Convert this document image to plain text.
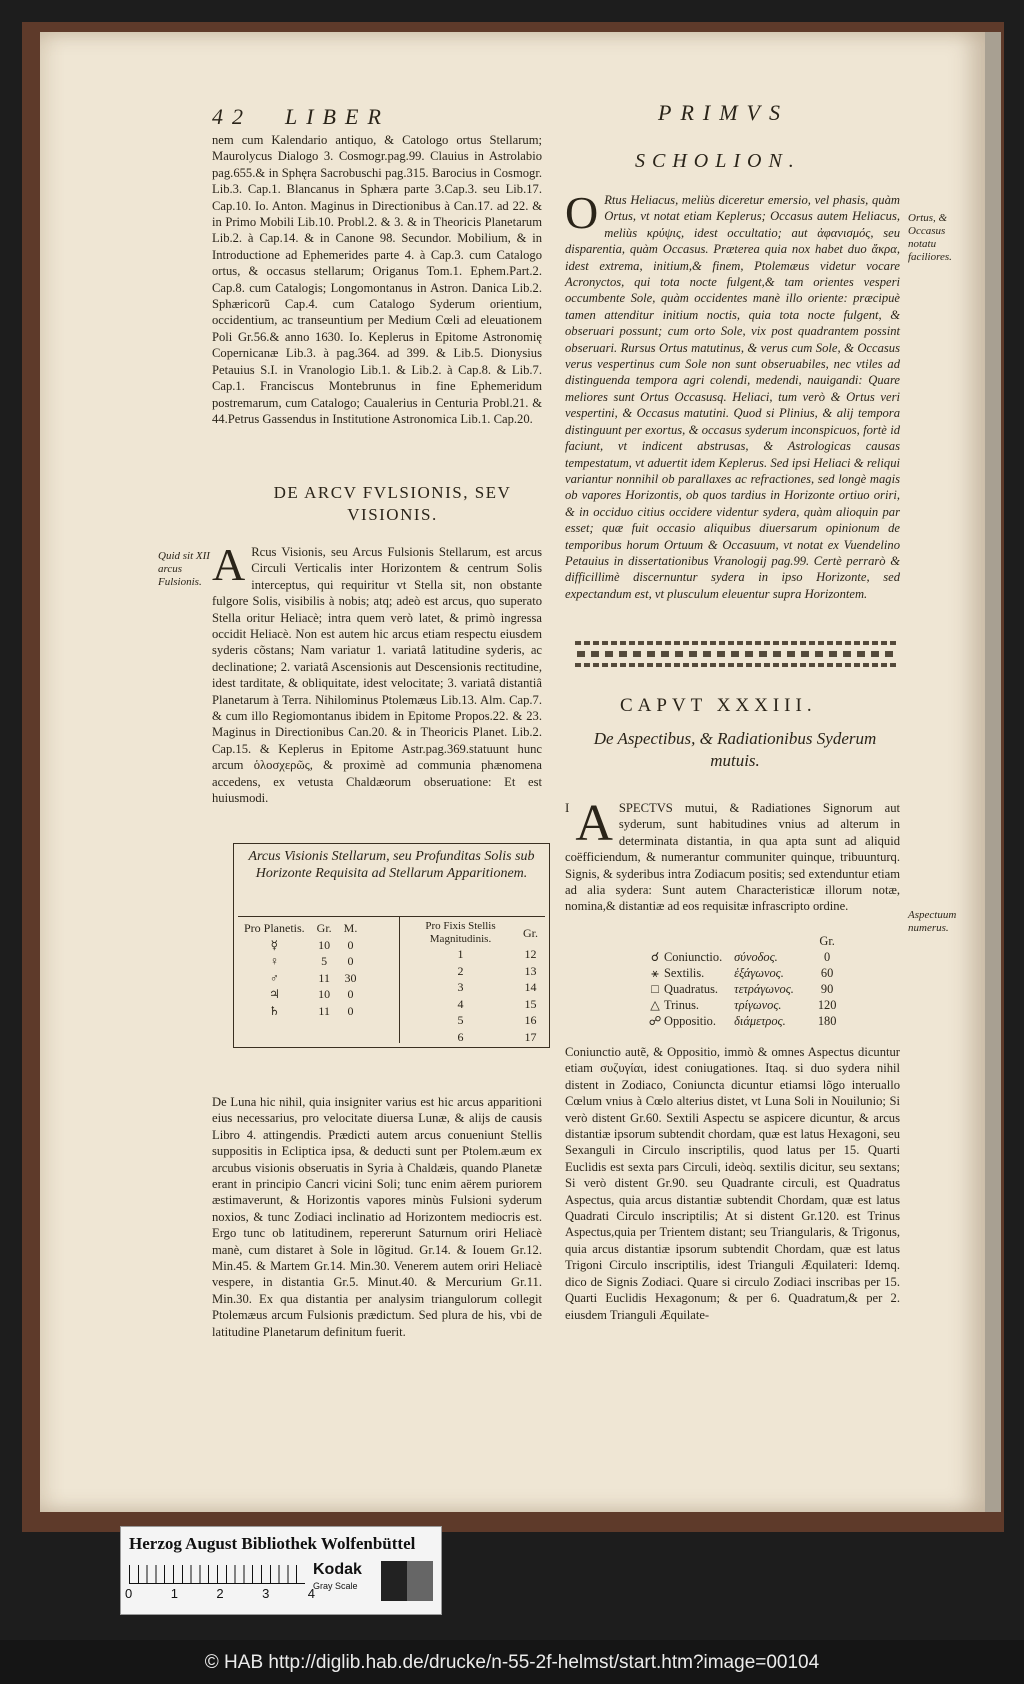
42 LIBER	PRIMVS

nem cum Kalendario antiquo, & Catologo ortus Stellarum; Maurolycus Dialogo 3. Cosmogr.pag.99. Clauius in Astrolabio pag.655.& in Sphęra Sacrobuschi pag.315. Barocius in Cosmogr. Lib.3. Cap.1. Blancanus in Sphæra parte 3.Cap.3. seu Lib.17. Cap.10. Io. Anton. Maginus in Directionibus à Can.17. ad 22. & in Primo Mobili Lib.10. Probl.2. & 3. & in Theoricis Planetarum Lib.2. à Cap.14. & in Canone 98. Secundor. Mobilium, & in Introductione ad Ephemerides parte 4. à Cap.3. cum Catalogo ortus, & occasus stellarum; Origanus Tom.1. Ephem.Part.2. Cap.8. cum Catalogis; Longomontanus in Astron. Danica Lib.2. Sphæricorũ Cap.4. cum Catalogo Syderum orientium, occidentium, ac transeuntium per Medium Cœli ad eleuationem Poli Gr.56.& anno 1630. Io. Keplerus in Epitome Astronomię Copernicanæ Lib.3. à pag.364. ad 399. & Lib.5. Dionysius Petauius S.I. in Vranologio Lib.1. & Lib.2. à Cap.8. & Lib.7. Cap.1. Franciscus Montebrunus in fine Ephemeridum postremarum, cum Catalogo; Caualerius in Centuria Probl.21. & 44.Petrus Gassendus in Institutione Astronomica Lib.1. Cap.20.

DE ARCV FVLSIONIS, SEV VISIONIS.
Quid sit XII arcus Fulsionis. A Rcus Visionis, seu Arcus Fulsionis Stellarum, est arcus Circuli Verticalis inter Horizontem & centrum Solis interceptus, qui requiritur vt Stella sit, non obstante fulgore Solis, visibilis à nobis; atq; adeò est arcus, quo superato Stella oritur Heliacè; intra quem verò latet, & primò ingressa occidit Heliacè. Non est autem hic arcus etiam respectu eiusdem syderis cõstans; Nam variatur 1. variatâ latitudine syderis, ac declinatione; 2. variatâ Ascensionis aut Descensionis rectitudine, idest tarditate, & obliquitate, idest velocitate; 3. variatâ distantiâ Planetarum à Terra. Nihilominus Ptolemæus Lib.13. Alm. Cap.7. & cum illo Regiomontanus ibidem in Epitome Propos.22. & 23. Maginus in Directionibus Can.20. & in Theoricis Planet. Lib.2. Cap.15. & Keplerus in Epitome Astr.pag.369.statuunt hunc arcum ὁλοσχερῶς, & proximè ad communia phænomena accedens, ex vetusta Chaldæorum obseruatione: Et est huiusmodi.

Arcus Visionis Stellarum, seu Profunditas Solis sub Horizonte Requisita ad Stellarum Apparitionem.
Pro Planetis.	Gr.	M.
☿	10	0
♀	5	0
♂	11	30
♃	10	0
♄	11	0
Pro Fixis Stellis Magnitudinis.	Gr.
1	12
2	13
3	14
4	15
5	16
6	17

De Luna hic nihil, quia insigniter varius est hic arcus apparitioni eius necessarius, pro velocitate diuersa Lunæ, & alijs de causis Libro 4. attingendis. Prædicti autem arcus conueniunt Stellis suppositis in Ecliptica ipsa, & deducti sunt per Ptolem.æum ex arcubus visionis obseruatis in Syria à Chaldæis, quando Planetæ erant in principio Cancri vicini Soli; tunc enim aërem puriorem æstimaverunt, & Horizontis vapores minùs Fulsioni syderum noxios, & tunc Zodiaci inclinatio ad Horizontem mediocris est. Ergo tunc ob latitudinem, repererunt Saturnum oriri Heliacè manè, cum distaret à Sole in lõgitud. Gr.14. & Iouem Gr.12. Min.45. & Martem Gr.14. Min.30. Venerem autem oriri Heliacè vespere, in distantia Gr.5. Minut.40. & Mercurium Gr.11. Min.30. Ex qua distantia per analysim triangulorum collegit Ptolemæus arcum Fulsionis prædictum. Sed plura de his, vbi de latitudine Planetarum definitum fuerit.

SCHOLION.
O Rtus Heliacus, meliùs diceretur emersio, vel phasis, quàm Ortus, vt notat etiam Keplerus; Occasus autem Heliacus, meliùs κρύψις, idest occultatio; aut ἀφανισμός, seu disparentia, quàm Occasus. Præterea quia nox habet duo ἄκρα, idest extrema, initium,& finem, Ptolemæus videtur vocare Acronyctos, qui tota nocte fulgent,& tam orientes vesperi occumbente Sole, quàm occidentes manè illo oriente: præcipuè tamen attenditur initium noctis, quia tota nocte fulgent, & obseruari possunt; cum orto Sole, vix post quadrantem possint obseruari. Rursus Ortus matutinus, & verus cum Sole, & Occasus verus vespertinus cum Sole non sunt obseruabiles, nec vtiles ad distinguenda tempora agri colendi, medendi, nauigandi: Quare meliores sunt Ortus Occasusq. Heliaci, tum verò & Ortus veri vespertini, & Occasus matutini. Quod si Plinius, & alij tempora distinguunt per exortus, & occasus syderum inconspicuos, fortè id faciunt, vt indicent abstrusas, & Astrologicas causas tempestatum, vt aduertit idem Keplerus. Sed ipsi Heliaci & reliqui variantur nonnihil ob parallaxes ac refractiones, sed longè magis ob vapores Horizontis, ob quos tardius in Horizonte ortiuo oriri, & in occiduo citius occidere videntur sydera, quàm alioquin par esset; quæ fuit occasio aliquibus diuersarum opinionum de temporibus horum Ortuum & Occasuum, vt notat ex Vuendelino Petauius in dissertationibus Vranologij pag.99. Certè perrarò & difficillimè discernuntur sydera in ipso Horizonte, sed expectandum est, vt plusculum eleuentur supra Horizontem.

Ortus, & Occasus notatu faciliores.
CAPVT XXXIII.
De Aspectibus, & Radiationibus Syderum mutuis.
I A SPECTVS mutui, & Radiationes Signorum aut syderum, sunt habitudines vnius ad alterum in determinata distantia, in qua apta sunt ad aliquid coëfficiendum, & numerantur communiter quinque, tribuunturq. Signis, & syderibus intra Zodiacum positis; sed extenduntur etiam ad alia sydera: Sunt autem Characteristicæ illorum notæ, nomina,& distantiæ ad eos requisitæ infrascripto ordine.

Aspectuum numerus.
			Gr.
☌ Coniunctio.	σύνοδος.		0
⚹ Sextilis.	ἑξάγωνος.		60
□ Quadratus.	τετράγωνος.		90
△ Trinus.	τρίγωνος.		120
☍ Oppositio.	διάμετρος.		180

Coniunctio autẽ, & Oppositio, immò & omnes Aspectus dicuntur etiam συζυγίαι, idest coniugationes. Itaq. si duo sydera nihil distent in Zodiaco, Coniuncta dicuntur etiamsi lõgo interuallo Cœlum vnius à Cœlo alterius distet, vt Luna Soli in Nouilunio; Si verò distent Gr.60. Sextili Aspectu se aspicere dicuntur, & arcus distantiæ ipsorum subtendit chordam, quæ est latus Hexagoni, seu Sexanguli in Circulo inscriptilis, quod latus per 15. Quarti Euclidis est sexta pars Circuli, ideòq. sextilis dicitur, seu sextans; Si verò distent Gr.90. seu Quadrante circuli, est Quadratus Aspectus, quia arcus distantiæ subtendit Chordam, quæ est latus Quadrati Circulo inscriptilis; At si distent Gr.120. est Trinus Aspectus,quia per Trientem distant; seu Triangularis, & Trigonus, quia arcus distantiæ ipsorum subtendit Chordam, quæ est latus Trigoni Circulo inscriptilis, idest Trianguli Æquilateri: Idemq. dico de Signis Zodiaci. Quare si circulo Zodiaci inscribas per 15. Quarti Euclidis Hexagonum; & per 6. Quadratum,& per 2. eiusdem Trianguli Æquilate-

Herzog August Bibliothek Wolfenbüttel
0	1	2	3	4
Kodak
Gray Scale
© HAB http://diglib.hab.de/drucke/n-55-2f-helmst/start.htm?image=00104
